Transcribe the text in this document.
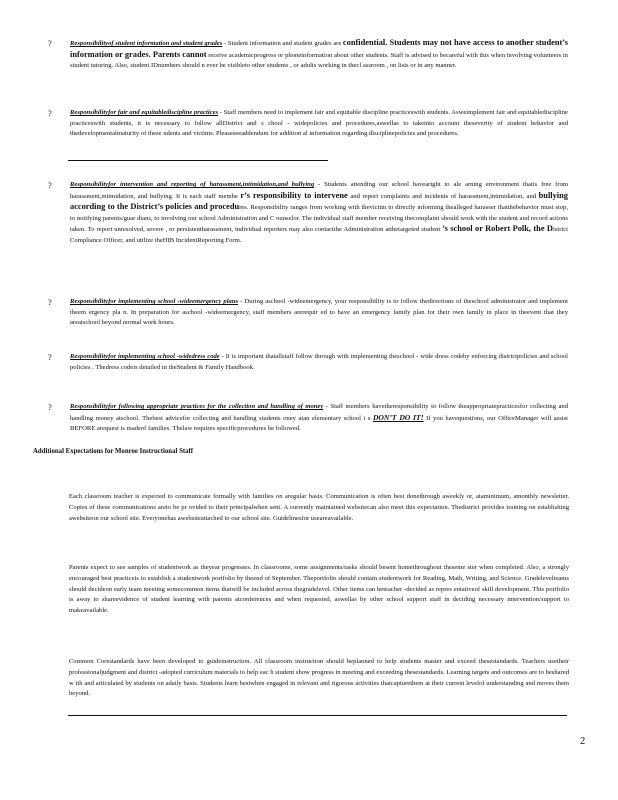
?	Responsibilityof student information and student grades - Student information and student grades are confidential. Students may not have access to another student’s information or grades. Parents cannot receive academicprogress or phoneinformation about other students. Staff is advised to becareful with this when involving volunteers in student tutoring. Also, student IDnumbers should n ever be visibleto other students , or adults working in thecl assroom , on lists or in any manner.

?	Responsibilityfor fair and equitablediscipline practices - Staff members need to implement fair and equitable discipline practiceswith students. Asweimplement fair and equitablediscipline practiceswith students, it is necessary to follow allDistrict and s chool - widepolicies and procedures,aswellas to takeinto account theseverity of student behavior and thedevelopmentalmaturity of these udents and victims. Pleaseseeaddendum for addition al information regarding disciplinepolicies and procedures.

?	Responsibilityfor intervention and reporting of harassment,intimidation,and bullying - Students attending our school havearight to ale arning environment thatis free from harassment,intimidation, and bullying. It is each staff membe r’s responsibility to intervene and report complaints and incidents of harassment,intimidation, and bullying according to the District’s policies and procedures. Responsibility ranges from working with thevictim to directly informing thealleged harasser thatthebehavior must stop, to notifying parents/guar dians, to involving our school Administration and C ounselor. The individual staff member receiving thecomplaint should work with the student and record actions taken. To report unresolved, severe , or persistentharassment, individual reporters may also contactthe Administration atthetargeted student ’s school or Robert Polk, the District Compliance Officer, and utilize theHIB IncidentReporting Form.

?	Responsibilityfor implementing school -wideemergency plans - During aschool -wideemergency, your responsibility is to follow thedirections of theschool administrator and implement theem ergency pla n. In preparation for aschool -wideemergency, staff members arerequir ed to have an emergency family plan for their own family in place in theevent that they areatschool beyond normal work hours.

?	Responsibilityfor implementing school -widedress code - It is important thatallstaff follow through with implementing theschool - wide dress codeby enforcing districtpolicies and school policies . Thedress codeis detailed in theStudent & Family Handbook.

?	Responsibilityfor following appropriate practices for the collection and handling of money - Staff members havetheresponsibility to follow theappropriatepracticesfor collecting and handling money atschool. Thebest advicefor collecting and handling students oney atan elementary school i s DON’T DO IT! If you havequestions, our OfficeManager will assist BEFORE arequest is madeof families. Thelaw requires specificprocedures be followed.

Additional Expectations for Monroe Instructional Staff

Each classroom teacher is expected to communicate formally with families on aregular basis. Communication is often best donethrough aweekly or, ataminimum, amonthly newsletter. Copies of these communications areto be pr ovided to their principalwhen sent. A currently maintained websitecan also meet this expectation. Thedistrict provides training on establishing awebsiteon our school site. Everyonehas awebsiteattached to our school site. Guidelinesfor useareavailable.

Parents expect to see samples of studentwork as theyear progresses. In classrooms, some assignments/tasks should besent homethroughout theseme ster when completed. Also, a strongly encouraged best practiceis to establish a studentwork portfolio by theend of September. Theportfolio should contain studentwork for Reading, Math, Writing, and Science. Gradelevelteams should decideon early team meeting somecommon items thatwill be included across thegradelevel. Other items can beteacher -decided as repres entativeof skill development. This portfolio is away to shareevidence of student learning with parents atconferences and when requested, aswellas by other school support staff in deciding necessary intervention/support to makeavailable.

Common Corestandards have been developed to guideinstruction. All classroom instruction should beplanned to help students master and exceed thesestandards. Teachers usetheir professionaljudgment and district -adopted curriculum materials to help eac h student show progress in meeting and exceeding thesestandards. Learning targets and outcomes are to beshared w ith and articulated by students on adaily basis. Students learn bestwhen engaged in relevant and rigorous activities thatcapturethem at their current levelof understanding and moves them beyond.

2
